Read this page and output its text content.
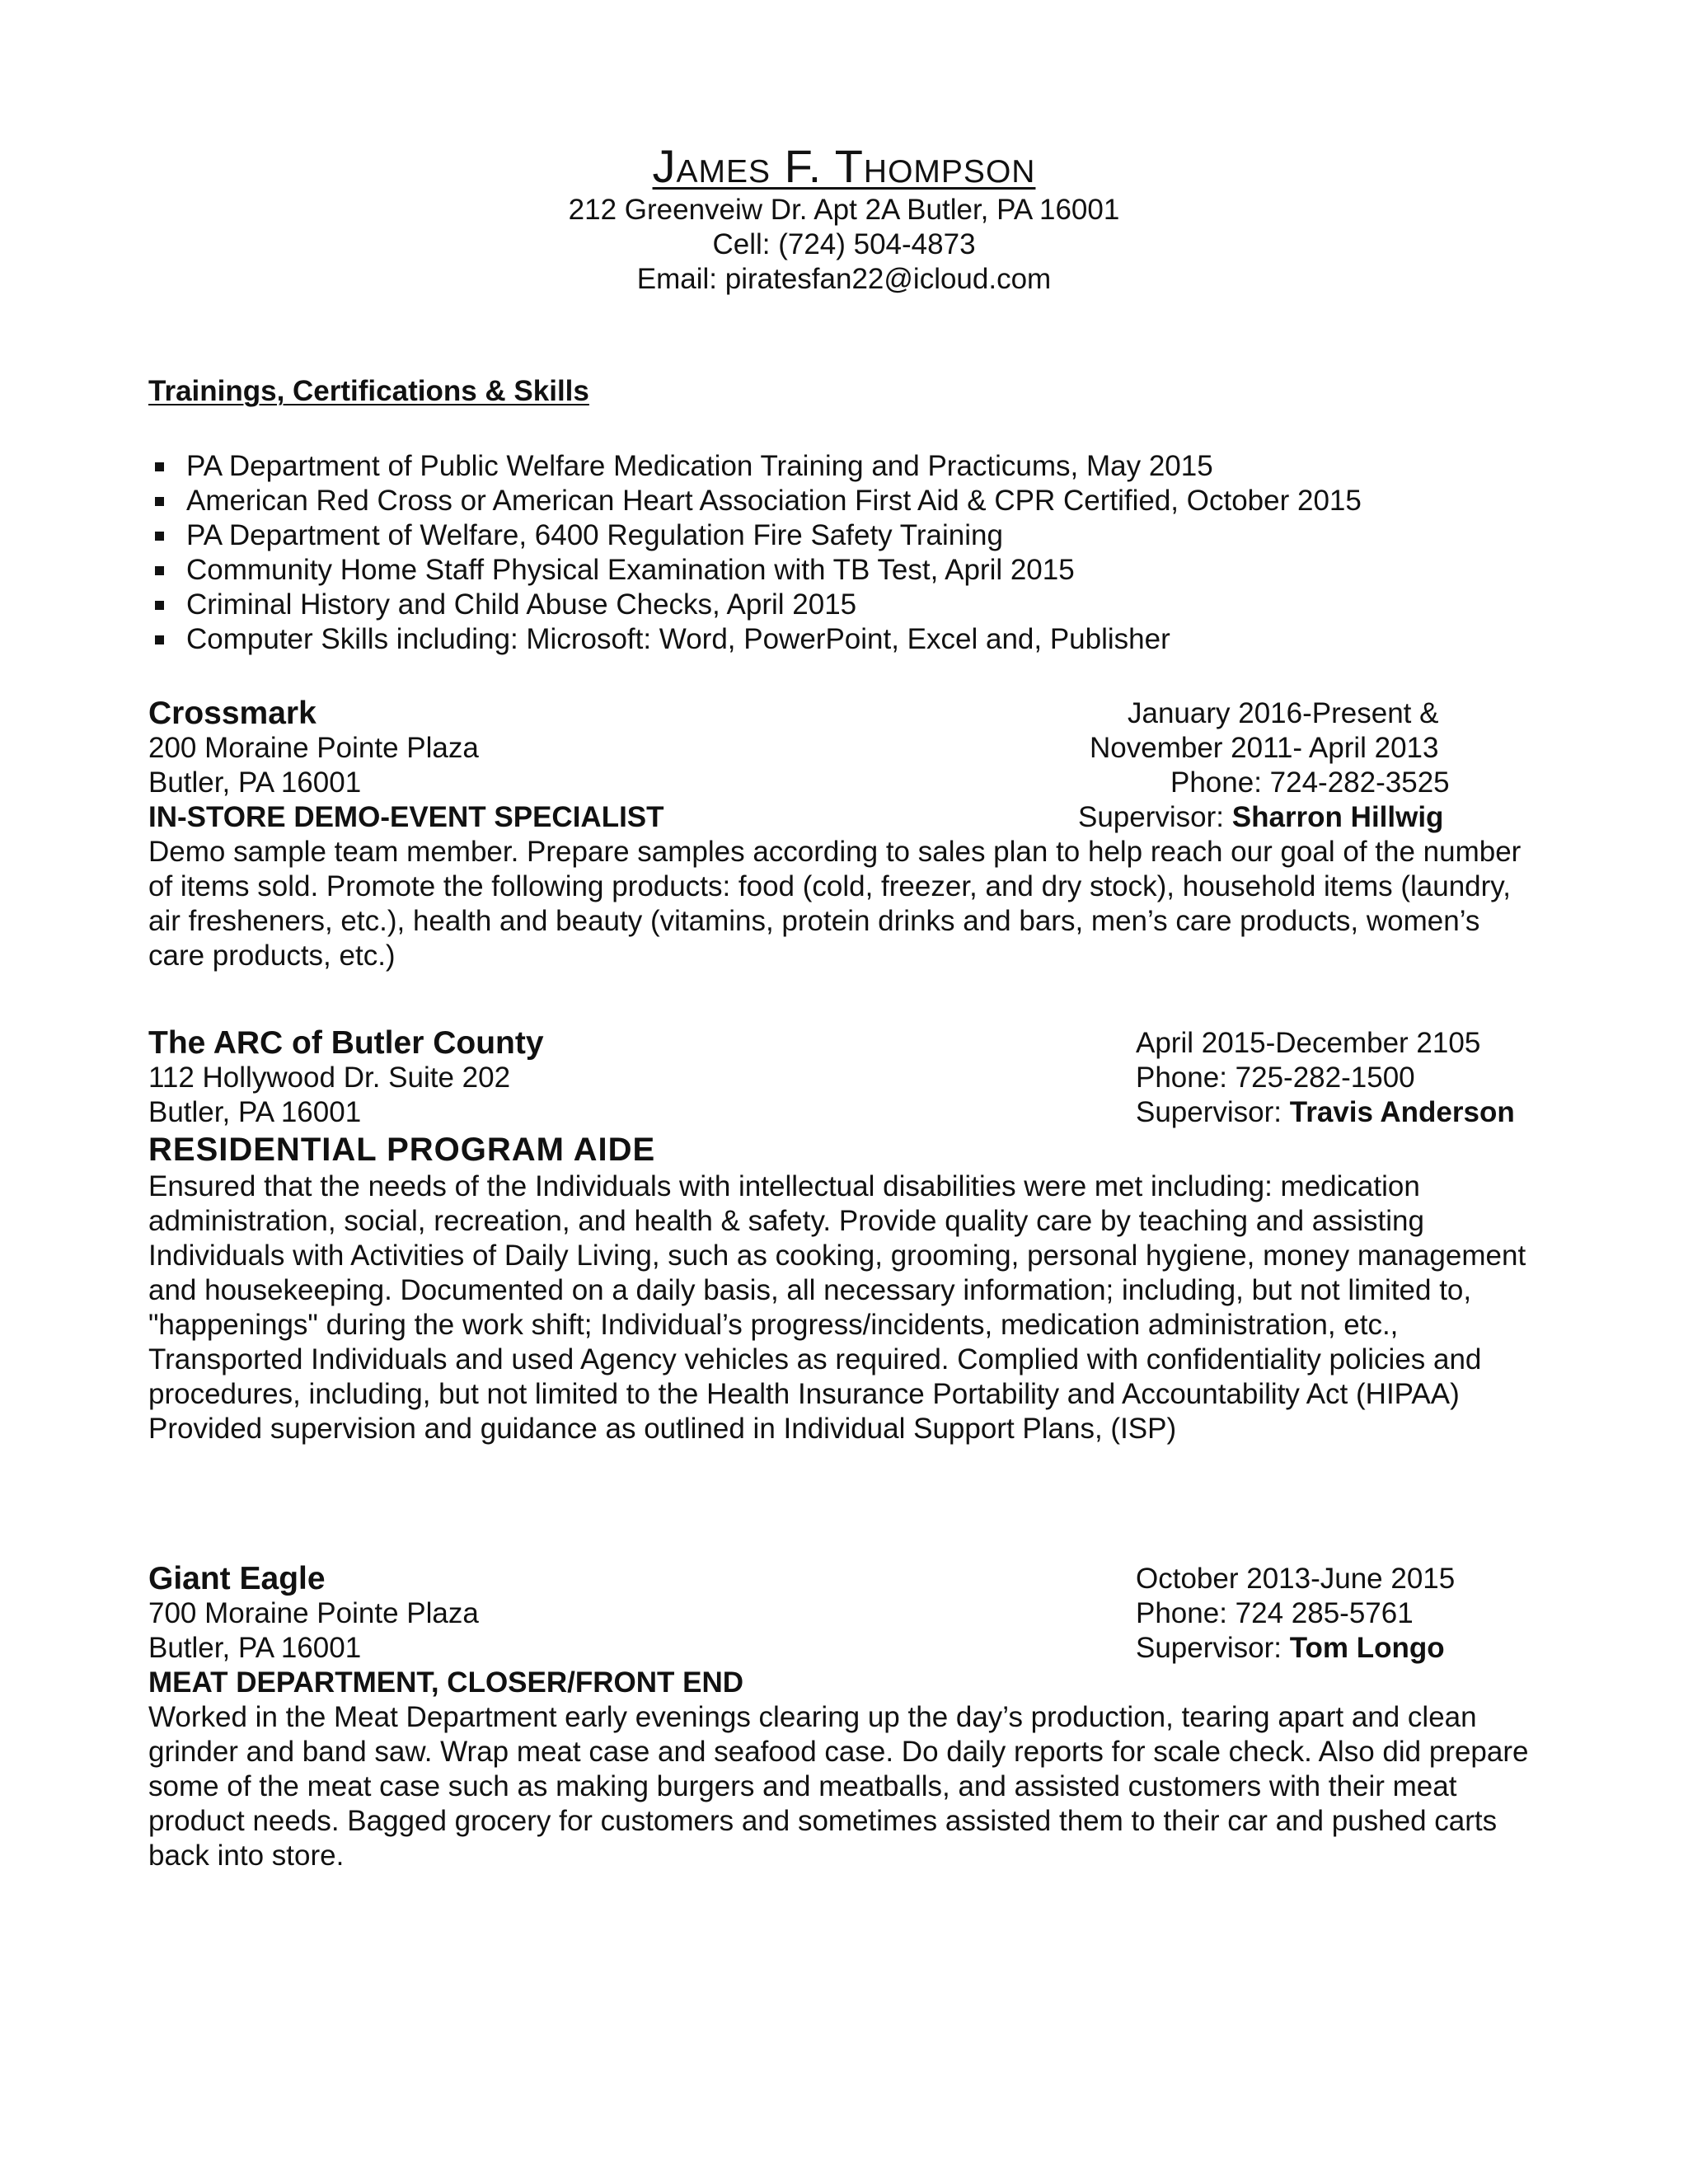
James F. Thompson
212 Greenveiw Dr. Apt 2A Butler, PA 16001
Cell: (724) 504-4873
Email: piratesfan22@icloud.com
Trainings, Certifications & Skills
PA Department of Public Welfare Medication Training and Practicums, May 2015
American Red Cross or American Heart Association First Aid & CPR Certified, October 2015
PA Department of Welfare, 6400 Regulation Fire Safety Training
Community Home Staff Physical Examination with TB Test, April 2015
Criminal History and Child Abuse Checks, April 2015
Computer Skills including: Microsoft: Word, PowerPoint, Excel and, Publisher
Crossmark	January 2016-Present &
200 Moraine Pointe Plaza	November 2011- April 2013
Butler, PA 16001	Phone: 724-282-3525
IN-STORE DEMO-EVENT SPECIALIST	Supervisor: Sharron Hillwig

Demo sample team member. Prepare samples according to sales plan to help reach our goal of the number of items sold. Promote the following products: food (cold, freezer, and dry stock), household items (laundry, air fresheners, etc.), health and beauty (vitamins, protein drinks and bars, men’s care products, women’s care products, etc.)

The ARC of Butler County	April 2015-December 2105
112 Hollywood Dr. Suite 202	Phone: 725-282-1500
Butler, PA 16001	Supervisor: Travis Anderson
RESIDENTIAL PROGRAM AIDE

Ensured that the needs of the Individuals with intellectual disabilities were met including: medication administration, social, recreation, and health & safety. Provide quality care by teaching and assisting Individuals with Activities of Daily Living, such as cooking, grooming, personal hygiene, money management and housekeeping. Documented on a daily basis, all necessary information; including, but not limited to, "happenings" during the work shift; Individual’s progress/incidents, medication administration, etc., Transported Individuals and used Agency vehicles as required. Complied with confidentiality policies and procedures, including, but not limited to the Health Insurance Portability and Accountability Act (HIPAA) Provided supervision and guidance as outlined in Individual Support Plans, (ISP)

Giant Eagle	October 2013-June 2015
700 Moraine Pointe Plaza	Phone: 724 285-5761
Butler, PA 16001	Supervisor: Tom Longo
MEAT DEPARTMENT, CLOSER/FRONT END

Worked in the Meat Department early evenings clearing up the day’s production, tearing apart and clean grinder and band saw. Wrap meat case and seafood case. Do daily reports for scale check. Also did prepare some of the meat case such as making burgers and meatballs, and assisted customers with their meat product needs. Bagged grocery for customers and sometimes assisted them to their car and pushed carts back into store.
